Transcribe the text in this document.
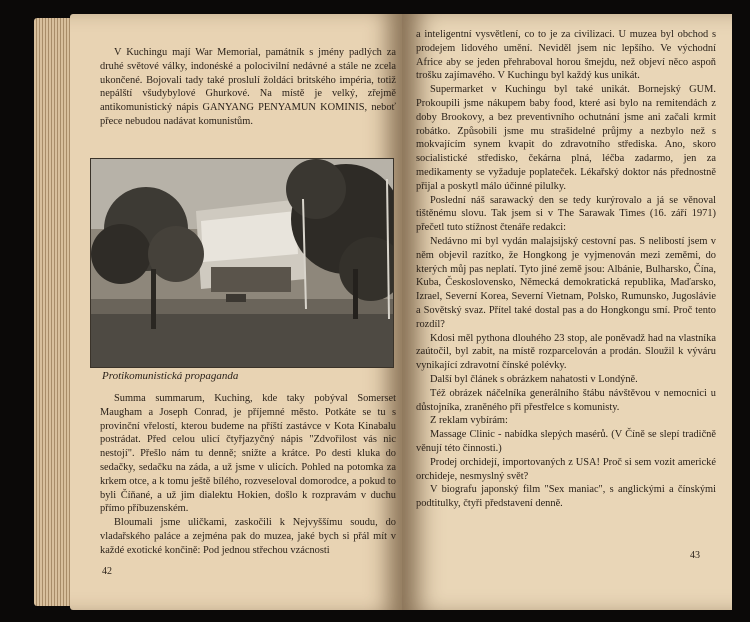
V Kuchingu mají War Memorial, památník s jmény padlých za druhé světové války, indonéské a polocivilní nedávné a stále ne zcela ukončené. Bojovali tady také proslulí žoldáci britského impéria, totiž nepálští všudybylové Ghurkové. Na místě je velký, zřejmě antikomunistický nápis GANYANG PENYAMUN KOMINIS, neboť přece nebudou nadávat komunistům.

Protikomunistická propaganda

Summa summarum, Kuching, kde taky pobýval Somerset Maugham a Joseph Conrad, je příjemné město. Potkáte se tu s provinční vřelostí, kterou budeme na příští zastávce v Kota Kinabalu postrádat. Před celou ulicí čtyřjazyčný nápis "Zdvořilost vás nic nestojí". Přešlo nám tu denně; snižte a krátce. Po desti kluka do sedačky, sedačku na záda, a už jsme v ulicích. Pohled na potomka za krkem otce, a k tomu ještě bílého, rozveseloval domorodce, a pokud to byli Číňané, a už jim dialektu Hokien, došlo k rozpravám v duchu přímo příbuzenském.

Bloumali jsme uličkami, zaskočili k Nejvyššímu soudu, do vladařského paláce a zejména pak do muzea, jaké bych si přál mít v každé exotické končině: Pod jednou střechou vzácnosti

42

a inteligentní vysvětlení, co to je za civilizaci. U muzea byl obchod s prodejem lidového umění. Neviděl jsem nic lepšího. Ve východní Africe aby se jeden přehraboval horou šmejdu, než objeví něco aspoň trošku zajímavého. V Kuchingu byl každý kus unikát.

Supermarket v Kuchingu byl také unikát. Bornejský GUM. Prokoupili jsme nákupem baby food, které asi bylo na remitendách z doby Brookovy, a bez preventivního ochutnání jsme ani začali krmit robátko. Způsobili jsme mu strašidelné průjmy a nezbylo než s mokvajícím synem kvapit do zdravotního střediska. Ano, skoro socialistické středisko, čekárna plná, léčba zadarmo, jen za medikamenty se vyžaduje poplateček. Lékařský doktor nás přednostně přijal a poskytl málo účinné pilulky.

Poslední náš sarawacký den se tedy kurýrovalo a já se věnoval tištěnému slovu. Tak jsem si v The Sarawak Times (16. září 1971) přečetl tuto stížnost čtenáře redakci:

Nedávno mi byl vydán malajsijský cestovní pas. S nelibostí jsem v něm objevil razítko, že Hongkong je vyjmenován mezi zeměmi, do kterých můj pas neplatí. Tyto jiné země jsou: Albánie, Bulharsko, Čína, Kuba, Československo, Německá demokratická republika, Maďarsko, Izrael, Severní Korea, Severní Vietnam, Polsko, Rumunsko, Jugoslávie a Sovětský svaz. Přítel také dostal pas a do Hongkongu smí. Proč tento rozdíl?

Kdosi měl pythona dlouhého 23 stop, ale poněvadž had na vlastníka zaútočil, byl zabit, na místě rozparcelován a prodán. Sloužil k výváru vynikající zdravotní čínské polévky.

Další byl článek s obrázkem nahatosti v Londýně.

Též obrázek náčelníka generálního štábu návštěvou v nemocnici u důstojníka, zraněného při přestřelce s komunisty.

Z reklam vybírám:

Massage Clinic - nabídka slepých masérů. (V Číně se slepí tradičně věnují této činnosti.)

Prodej orchidejí, importovaných z USA! Proč si sem vozit americké orchideje, nesmyslný svět?

V biografu japonský film "Sex maniac", s anglickými a čínskými podtitulky, čtyři představení denně.

43
